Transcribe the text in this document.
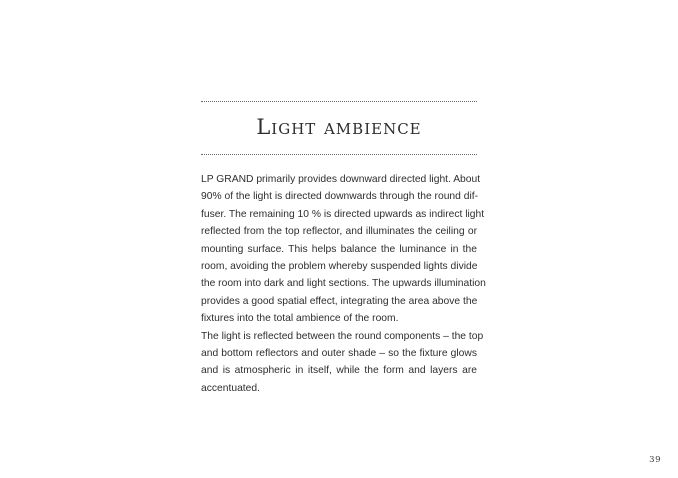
Light ambience
LP GRAND primarily provides downward directed light. About
90% of the light is directed downwards through the round dif-
fuser. The remaining 10 % is directed upwards as indirect light
reflected from the top reflector, and illuminates the ceiling or
mounting surface. This helps balance the luminance in the
room, avoiding the problem whereby suspended lights divide
the room into dark and light sections. The upwards illumination
provides a good spatial effect, integrating the area above the
fixtures into the total ambience of the room.
The light is reflected between the round components – the top
and bottom reflectors and outer shade – so the fixture glows
and is atmospheric in itself, while the form and layers are
accentuated.
39
